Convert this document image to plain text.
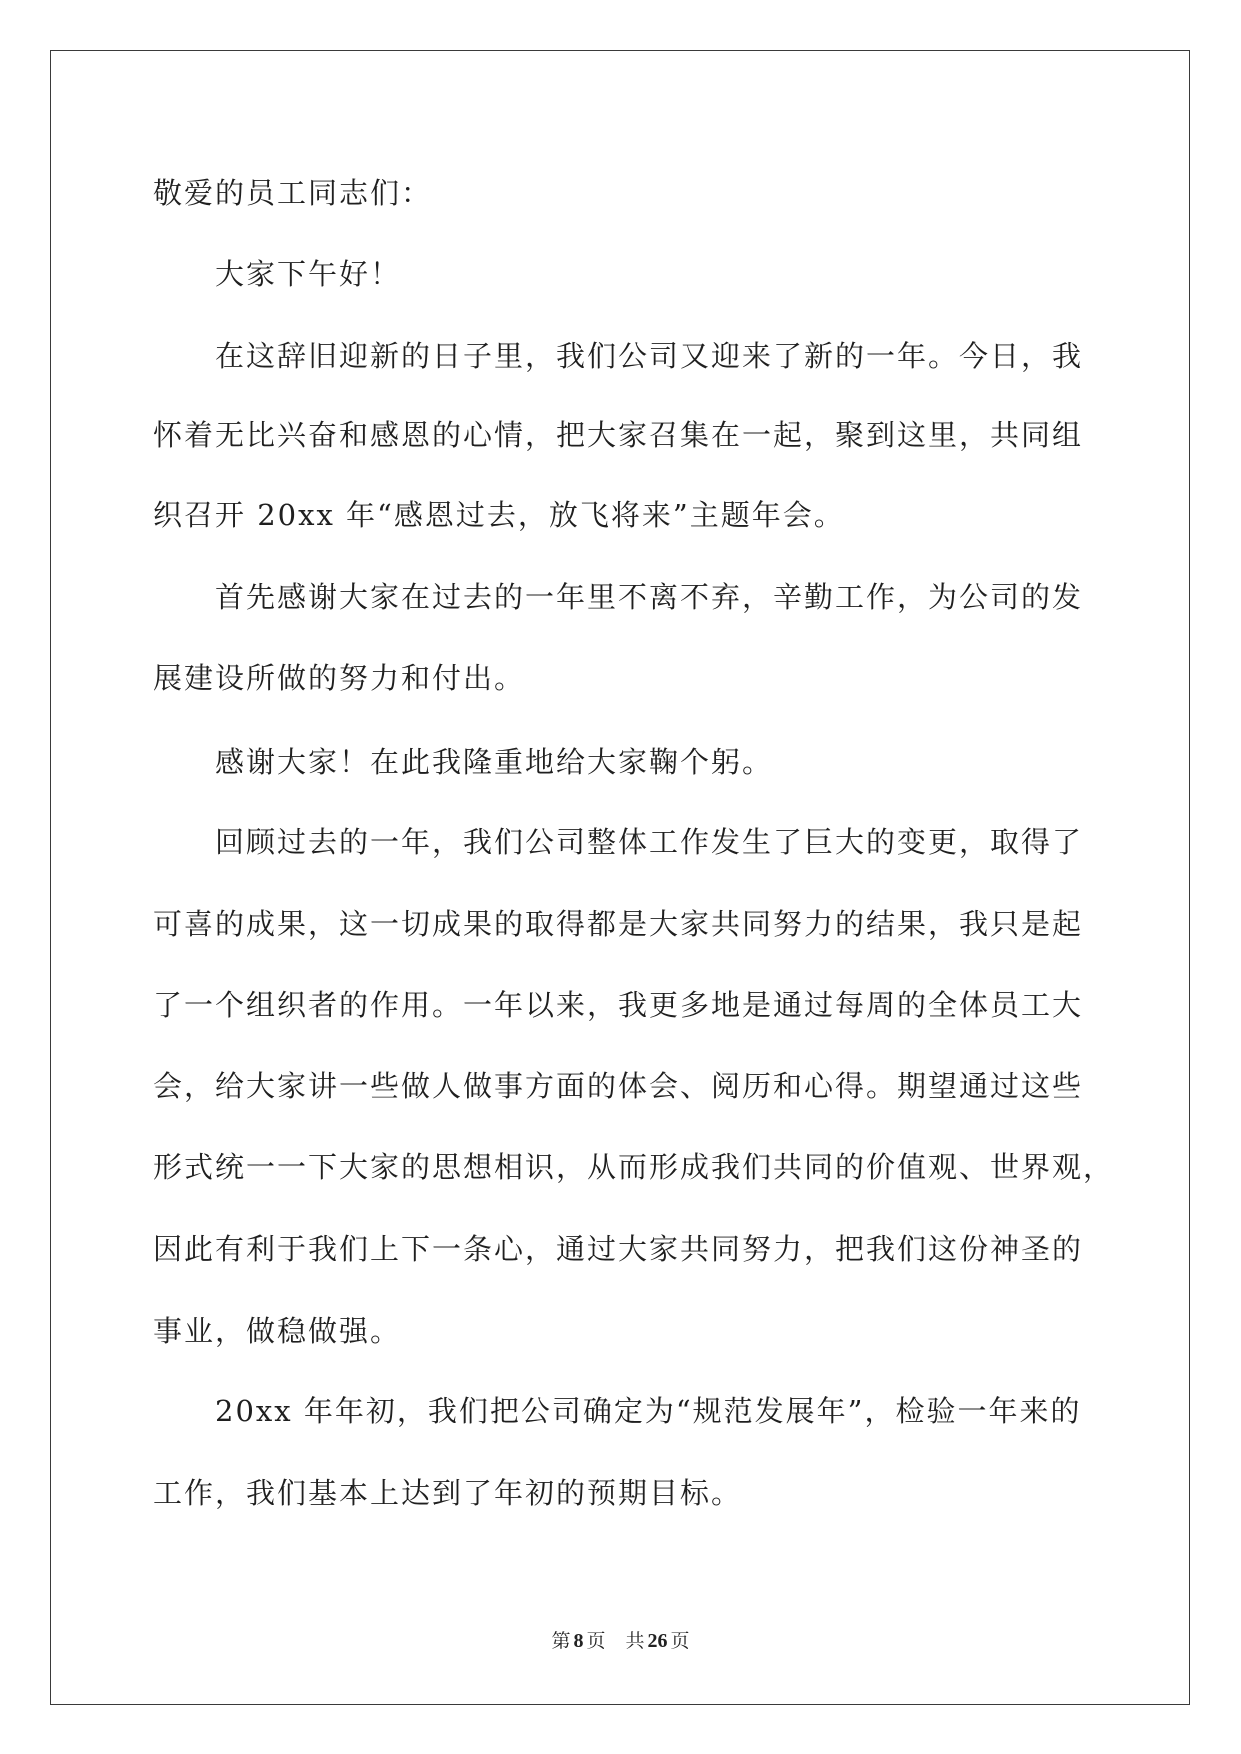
敬爱的员工同志们：
大家下午好！
在这辞旧迎新的日子里，我们公司又迎来了新的一年。今日，我
怀着无比兴奋和感恩的心情，把大家召集在一起，聚到这里，共同组
织召开 20xx 年“感恩过去，放飞将来”主题年会。
首先感谢大家在过去的一年里不离不弃，辛勤工作，为公司的发
展建设所做的努力和付出。
感谢大家！在此我隆重地给大家鞠个躬。
回顾过去的一年，我们公司整体工作发生了巨大的变更，取得了
可喜的成果，这一切成果的取得都是大家共同努力的结果，我只是起
了一个组织者的作用。一年以来，我更多地是通过每周的全体员工大
会，给大家讲一些做人做事方面的体会、阅历和心得。期望通过这些
形式统一一下大家的思想相识，从而形成我们共同的价值观、世界观，
因此有利于我们上下一条心，通过大家共同努力，把我们这份神圣的
事业，做稳做强。
20xx 年年初，我们把公司确定为“规范发展年”，检验一年来的
工作，我们基本上达到了年初的预期目标。
第 8 页 共 26 页
